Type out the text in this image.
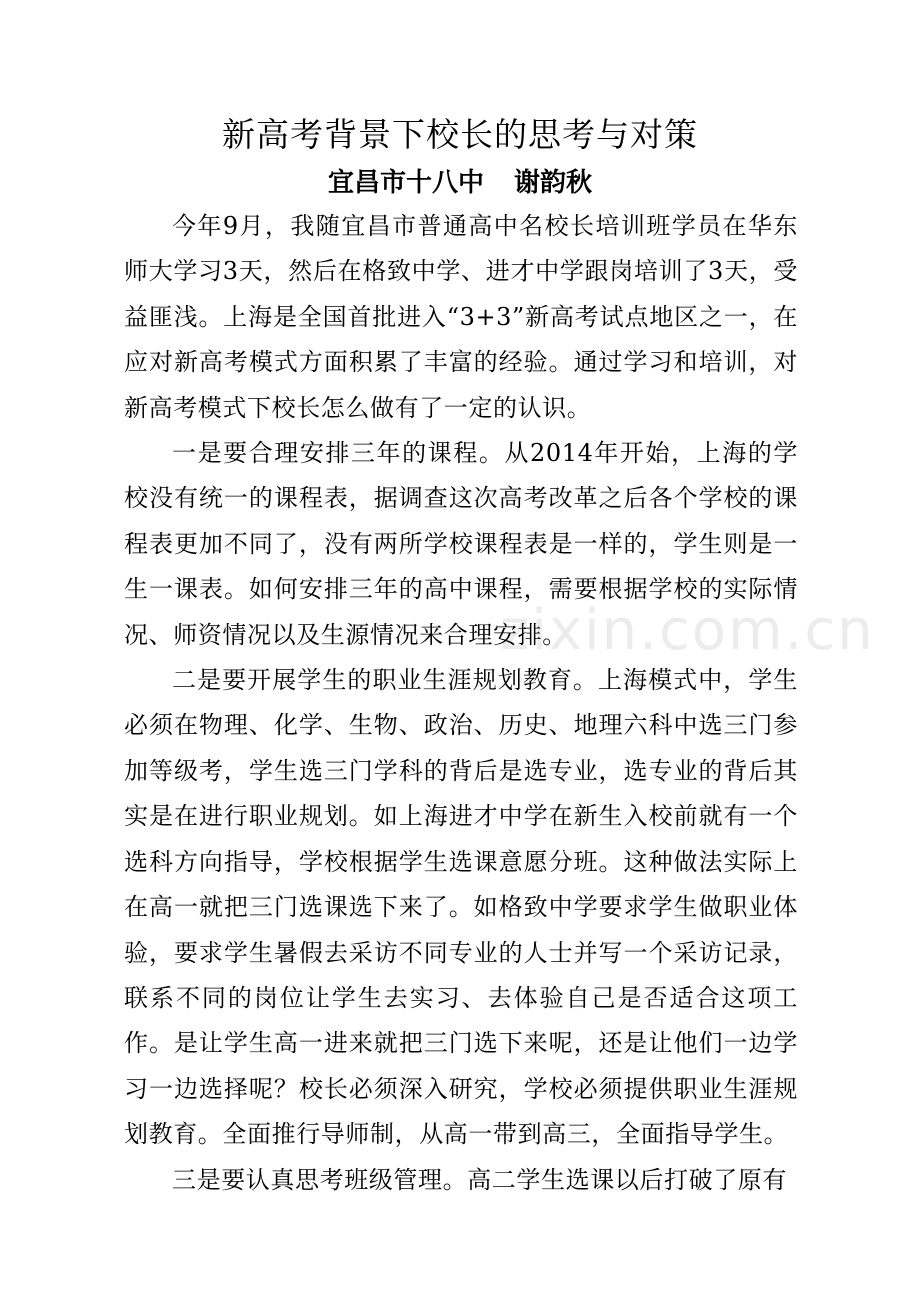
新高考背景下校长的思考与对策
宜昌市十八中 谢韵秋

今年9月，我随宜昌市普通高中名校长培训班学员在华东师大学习3天，然后在格致中学、进才中学跟岗培训了3天，受益匪浅。上海是全国首批进入“3+3”新高考试点地区之一，在应对新高考模式方面积累了丰富的经验。通过学习和培训，对新高考模式下校长怎么做有了一定的认识。

一是要合理安排三年的课程。从2014年开始，上海的学校没有统一的课程表，据调查这次高考改革之后各个学校的课程表更加不同了，没有两所学校课程表是一样的，学生则是一生一课表。如何安排三年的高中课程，需要根据学校的实际情况、师资情况以及生源情况来合理安排。

二是要开展学生的职业生涯规划教育。上海模式中，学生必须在物理、化学、生物、政治、历史、地理六科中选三门参加等级考，学生选三门学科的背后是选专业，选专业的背后其实是在进行职业规划。如上海进才中学在新生入校前就有一个选科方向指导，学校根据学生选课意愿分班。这种做法实际上在高一就把三门选课选下来了。如格致中学要求学生做职业体验，要求学生暑假去采访不同专业的人士并写一个采访记录，联系不同的岗位让学生去实习、去体验自己是否适合这项工作。是让学生高一进来就把三门选下来呢，还是让他们一边学习一边选择呢？校长必须深入研究，学校必须提供职业生涯规划教育。全面推行导师制，从高一带到高三，全面指导学生。

三是要认真思考班级管理。高二学生选课以后打破了原有

zixin.com.cn
